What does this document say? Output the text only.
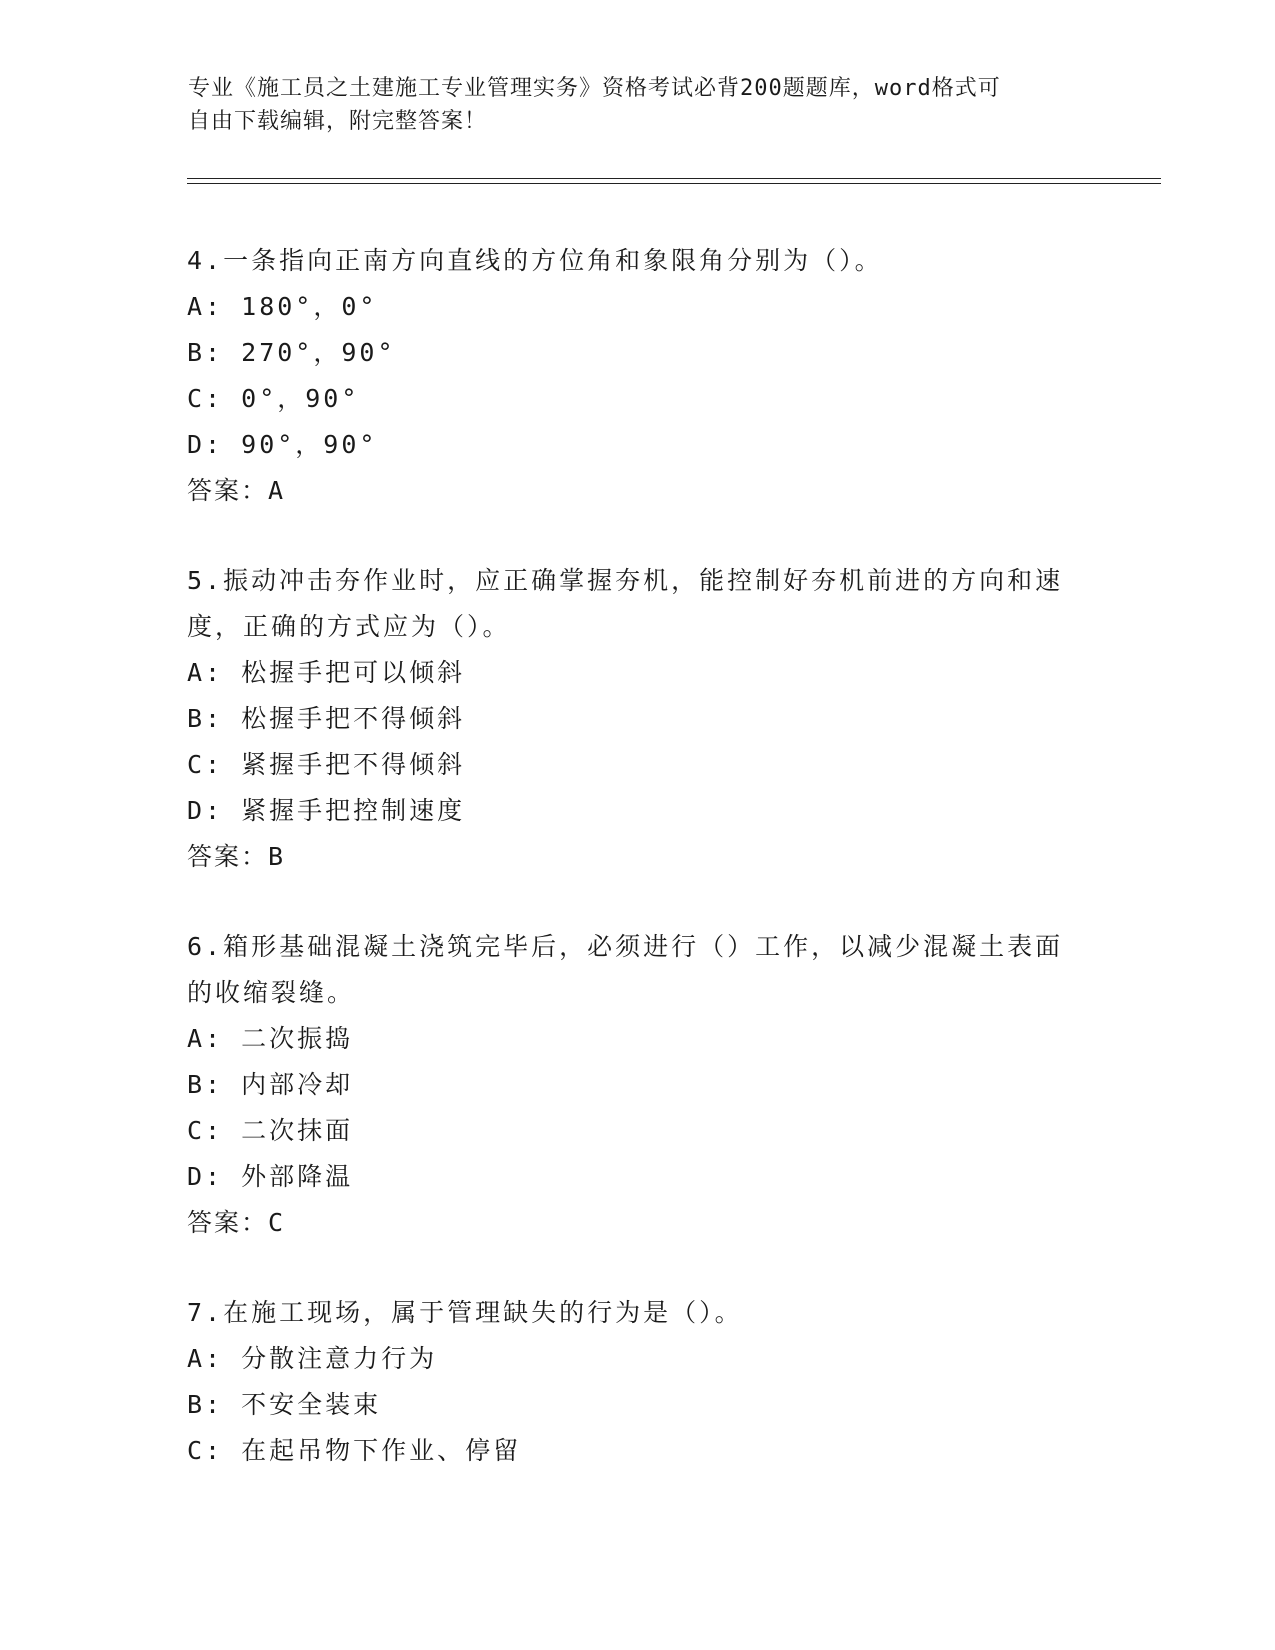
专业《施工员之土建施工专业管理实务》资格考试必背200题题库，word格式可
自由下载编辑，附完整答案！

4.一条指向正南方向直线的方位角和象限角分别为（）。

A: 180°，0°

B: 270°，90°

C: 0°，90°

D: 90°，90°

答案：A

5.振动冲击夯作业时，应正确掌握夯机，能控制好夯机前进的方向和速度，正确的方式应为（）。

A: 松握手把可以倾斜

B: 松握手把不得倾斜

C: 紧握手把不得倾斜

D: 紧握手把控制速度

答案：B

6.箱形基础混凝土浇筑完毕后，必须进行（）工作，以减少混凝土表面的收缩裂缝。

A: 二次振捣

B: 内部冷却

C: 二次抹面

D: 外部降温

答案：C

7.在施工现场，属于管理缺失的行为是（）。

A: 分散注意力行为

B: 不安全装束

C: 在起吊物下作业、停留
